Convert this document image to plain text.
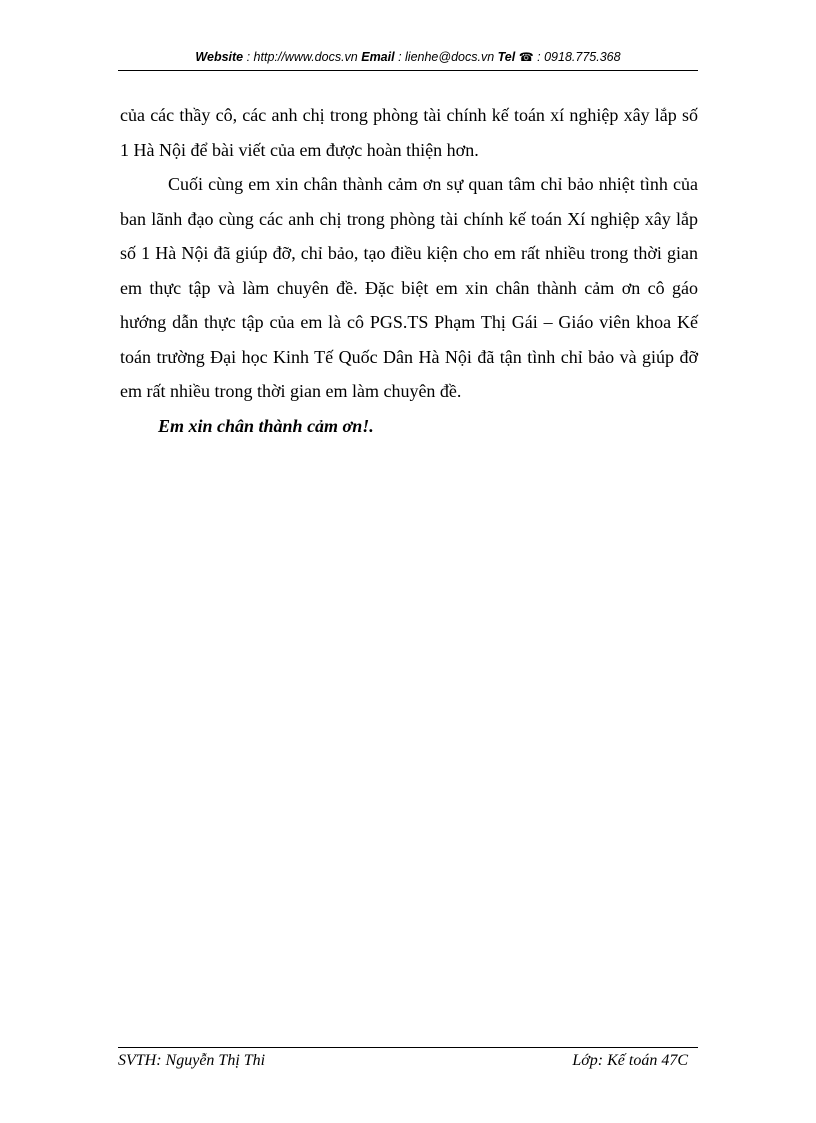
Website : http://www.docs.vn Email : lienhe@docs.vn Tel ☎ : 0918.775.368

của các thầy cô, các anh chị trong phòng tài chính kế toán xí nghiệp xây lắp số 1 Hà Nội để bài viết của em được hoàn thiện hơn.

Cuối cùng em xin chân thành cảm ơn sự quan tâm chỉ bảo nhiệt tình của ban lãnh đạo cùng các anh chị trong phòng tài chính kế toán Xí nghiệp xây lắp số 1 Hà Nội đã giúp đỡ, chỉ bảo, tạo điều kiện cho em rất nhiều trong thời gian em thực tập và làm chuyên đề. Đặc biệt em xin chân thành cảm ơn cô gáo hướng dẫn thực tập của em là cô PGS.TS Phạm Thị Gái – Giáo viên khoa Kế toán trường Đại học Kinh Tế Quốc Dân Hà Nội đã tận tình chỉ bảo và giúp đỡ em rất nhiều trong thời gian em làm chuyên đề.

Em xin chân thành cảm ơn!.

SVTH: Nguyễn Thị Thi	Lớp: Kế toán 47C
